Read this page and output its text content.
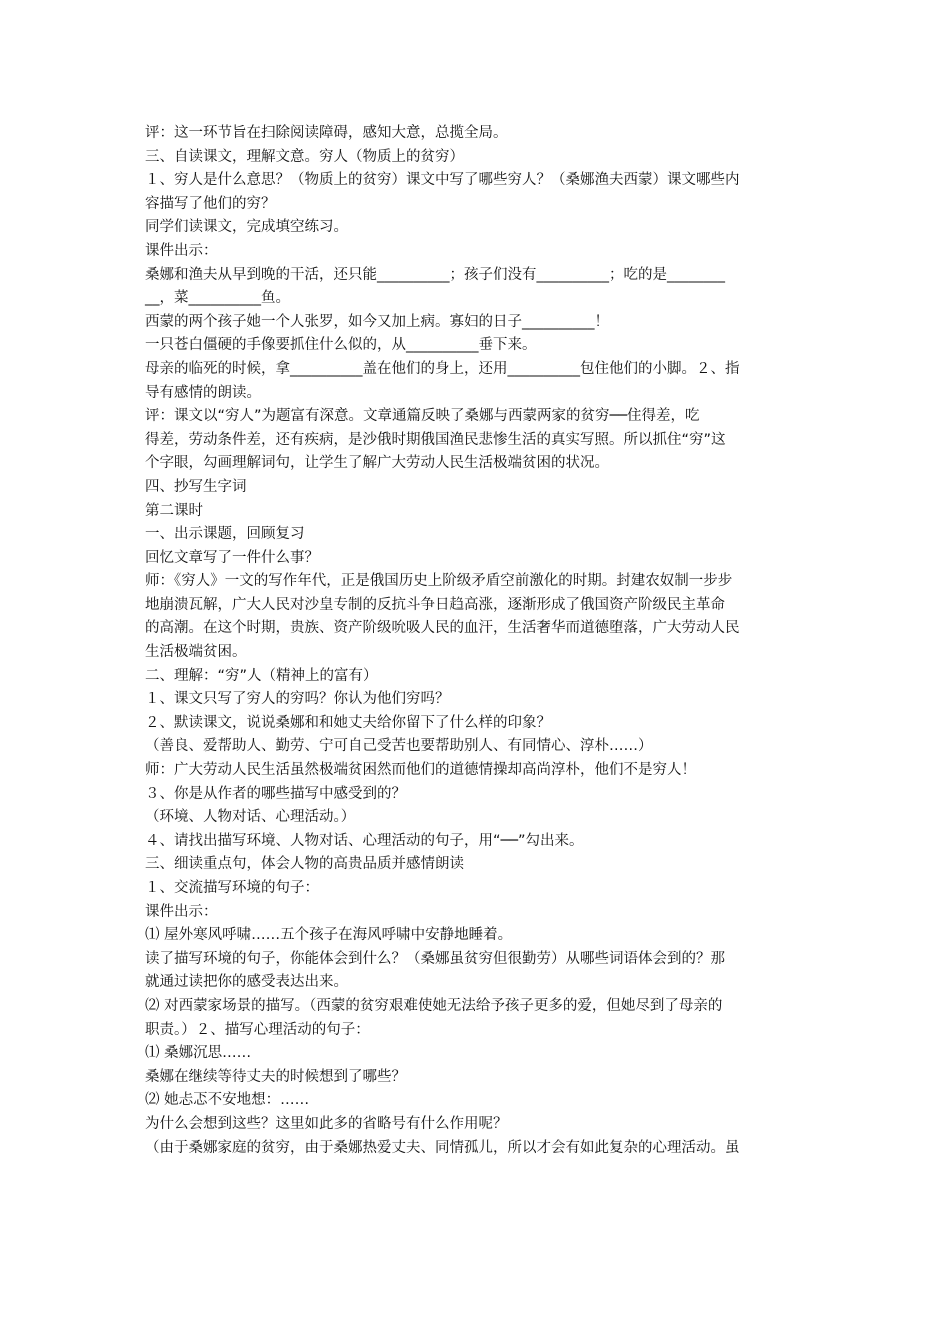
评：这一环节旨在扫除阅读障碍，感知大意，总揽全局。

三、自读课文，理解文意。穷人（物质上的贫穷）

１、穷人是什么意思？（物质上的贫穷）课文中写了哪些穷人？（桑娜渔夫西蒙）课文哪些内

容描写了他们的穷？

同学们读课文，完成填空练习。

课件出示：

桑娜和渔夫从早到晚的干活，还只能__________；孩子们没有__________；吃的是________

__，菜__________鱼。

西蒙的两个孩子她一个人张罗，如今又加上病。寡妇的日子__________！

一只苍白僵硬的手像要抓住什么似的，从__________垂下来。

母亲的临死的时候，拿__________盖在他们的身上，还用__________包住他们的小脚。２、指

导有感情的朗读。

评：课文以“穷人”为题富有深意。文章通篇反映了桑娜与西蒙两家的贫穷──住得差，吃

得差，劳动条件差，还有疾病，是沙俄时期俄国渔民悲惨生活的真实写照。所以抓住“穷”这

个字眼，勾画理解词句，让学生了解广大劳动人民生活极端贫困的状况。

四、抄写生字词

第二课时

一、出示课题，回顾复习

回忆文章写了一件什么事？

师：《穷人》一文的写作年代，正是俄国历史上阶级矛盾空前激化的时期。封建农奴制一步步

地崩溃瓦解，广大人民对沙皇专制的反抗斗争日趋高涨，逐渐形成了俄国资产阶级民主革命

的高潮。在这个时期，贵族、资产阶级吮吸人民的血汗，生活奢华而道德堕落，广大劳动人民

生活极端贫困。

二、理解：“穷”人（精神上的富有）

１、课文只写了穷人的穷吗？你认为他们穷吗？

２、默读课文，说说桑娜和和她丈夫给你留下了什么样的印象？

（善良、爱帮助人、勤劳、宁可自己受苦也要帮助别人、有同情心、淳朴……）

师：广大劳动人民生活虽然极端贫困然而他们的道德情操却高尚淳朴，他们不是穷人！

３、你是从作者的哪些描写中感受到的？

（环境、人物对话、心理活动。）

４、请找出描写环境、人物对话、心理活动的句子，用“──”勾出来。

三、细读重点句，体会人物的高贵品质并感情朗读

１、交流描写环境的句子：

课件出示：

⑴ 屋外寒风呼啸……五个孩子在海风呼啸中安静地睡着。

读了描写环境的句子，你能体会到什么？（桑娜虽贫穷但很勤劳）从哪些词语体会到的？那

就通过读把你的感受表达出来。

⑵ 对西蒙家场景的描写。（西蒙的贫穷艰难使她无法给予孩子更多的爱，但她尽到了母亲的

职责。）２、描写心理活动的句子：

⑴ 桑娜沉思……

桑娜在继续等待丈夫的时候想到了哪些？

⑵ 她忐忑不安地想：……

为什么会想到这些？这里如此多的省略号有什么作用呢？

（由于桑娜家庭的贫穷，由于桑娜热爱丈夫、同情孤儿，所以才会有如此复杂的心理活动。虽
